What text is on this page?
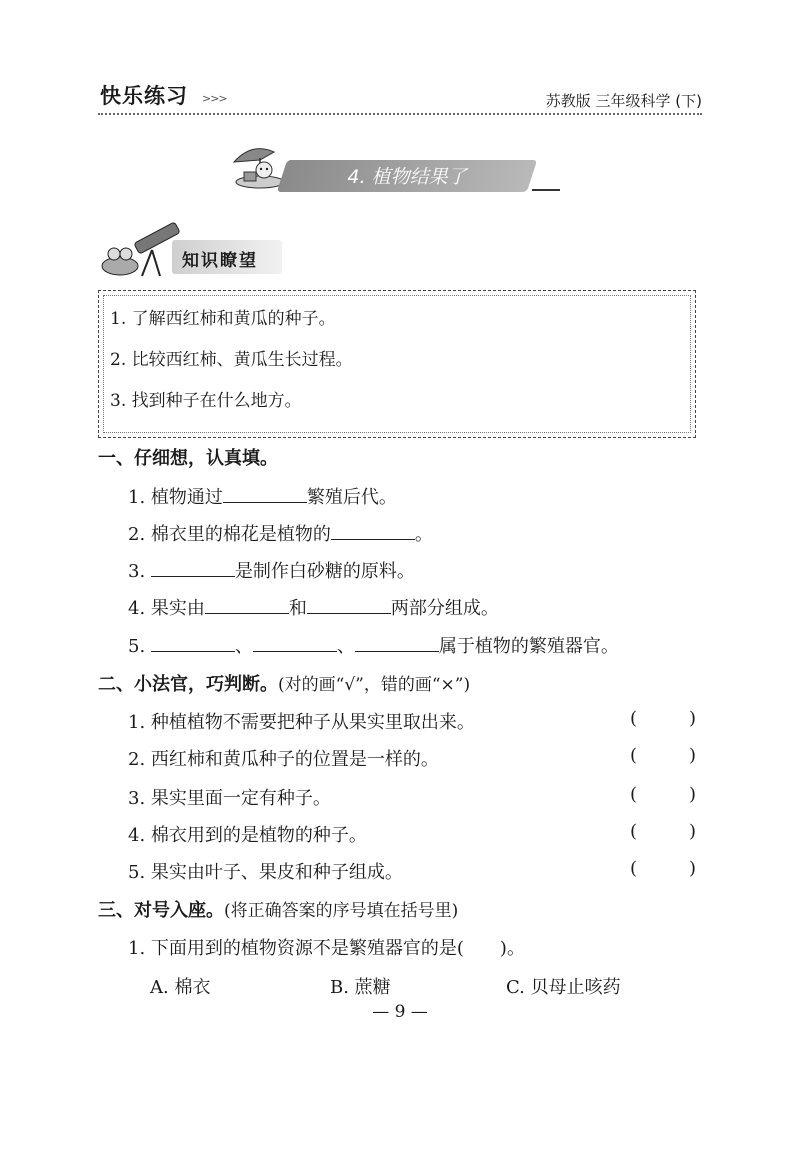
快乐练习 >>>	苏教版 三年级科学 (下)
4. 植物结果了
知识瞭望
1. 了解西红柿和黄瓜的种子。
2. 比较西红柿、黄瓜生长过程。
3. 找到种子在什么地方。
一、仔细想，认真填。
1. 植物通过	繁殖后代。
2. 棉衣里的棉花是植物的	。
3.	是制作白砂糖的原料。
4. 果实由	和	两部分组成。
5.	、	、	属于植物的繁殖器官。
二、小法官，巧判断。(对的画“√”，错的画“×”)
1. 种植植物不需要把种子从果实里取出来。	(	)
2. 西红柿和黄瓜种子的位置是一样的。	(	)
3. 果实里面一定有种子。	(	)
4. 棉衣用到的是植物的种子。	(	)
5. 果实由叶子、果皮和种子组成。	(	)
三、对号入座。(将正确答案的序号填在括号里)
1. 下面用到的植物资源不是繁殖器官的是(　　)。
A. 棉衣	B. 蔗糖	C. 贝母止咳药
— 9 —
